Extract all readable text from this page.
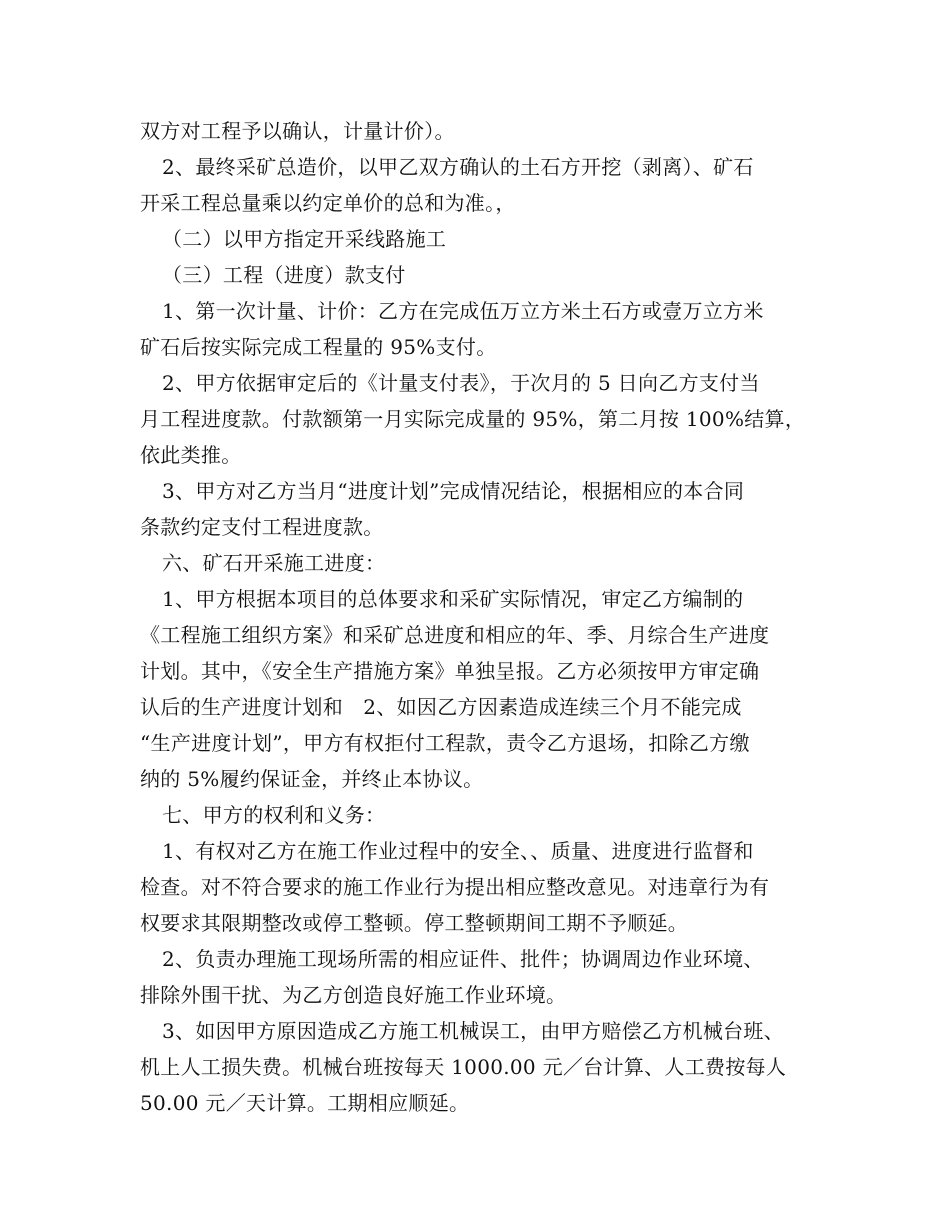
双方对工程予以确认，计量计价）。
2、最终采矿总造价，以甲乙双方确认的土石方开挖（剥离）、矿石
开采工程总量乘以约定单价的总和为准。，
（二）以甲方指定开采线路施工
（三）工程（进度）款支付
1、第一次计量、计价：乙方在完成伍万立方米土石方或壹万立方米
矿石后按实际完成工程量的 95%支付。
2、甲方依据审定后的《计量支付表》，于次月的 5 日向乙方支付当
月工程进度款。付款额第一月实际完成量的 95%，第二月按 100%结算，
依此类推。
3、甲方对乙方当月“进度计划”完成情况结论，根据相应的本合同
条款约定支付工程进度款。
六、矿石开采施工进度：
1、甲方根据本项目的总体要求和采矿实际情况，审定乙方编制的
《工程施工组织方案》和采矿总进度和相应的年、季、月综合生产进度
计划。其中，《安全生产措施方案》单独呈报。乙方必须按甲方审定确
认后的生产进度计划和　2、如因乙方因素造成连续三个月不能完成
“生产进度计划”，甲方有权拒付工程款，责令乙方退场，扣除乙方缴
纳的 5%履约保证金，并终止本协议。
七、甲方的权利和义务：
1、有权对乙方在施工作业过程中的安全、、质量、进度进行监督和
检查。对不符合要求的施工作业行为提出相应整改意见。对违章行为有
权要求其限期整改或停工整顿。停工整顿期间工期不予顺延。
2、负责办理施工现场所需的相应证件、批件；协调周边作业环境、
排除外围干扰、为乙方创造良好施工作业环境。
3、如因甲方原因造成乙方施工机械误工，由甲方赔偿乙方机械台班、
机上人工损失费。机械台班按每天 1000.00 元／台计算、人工费按每人
50.00 元／天计算。工期相应顺延。
